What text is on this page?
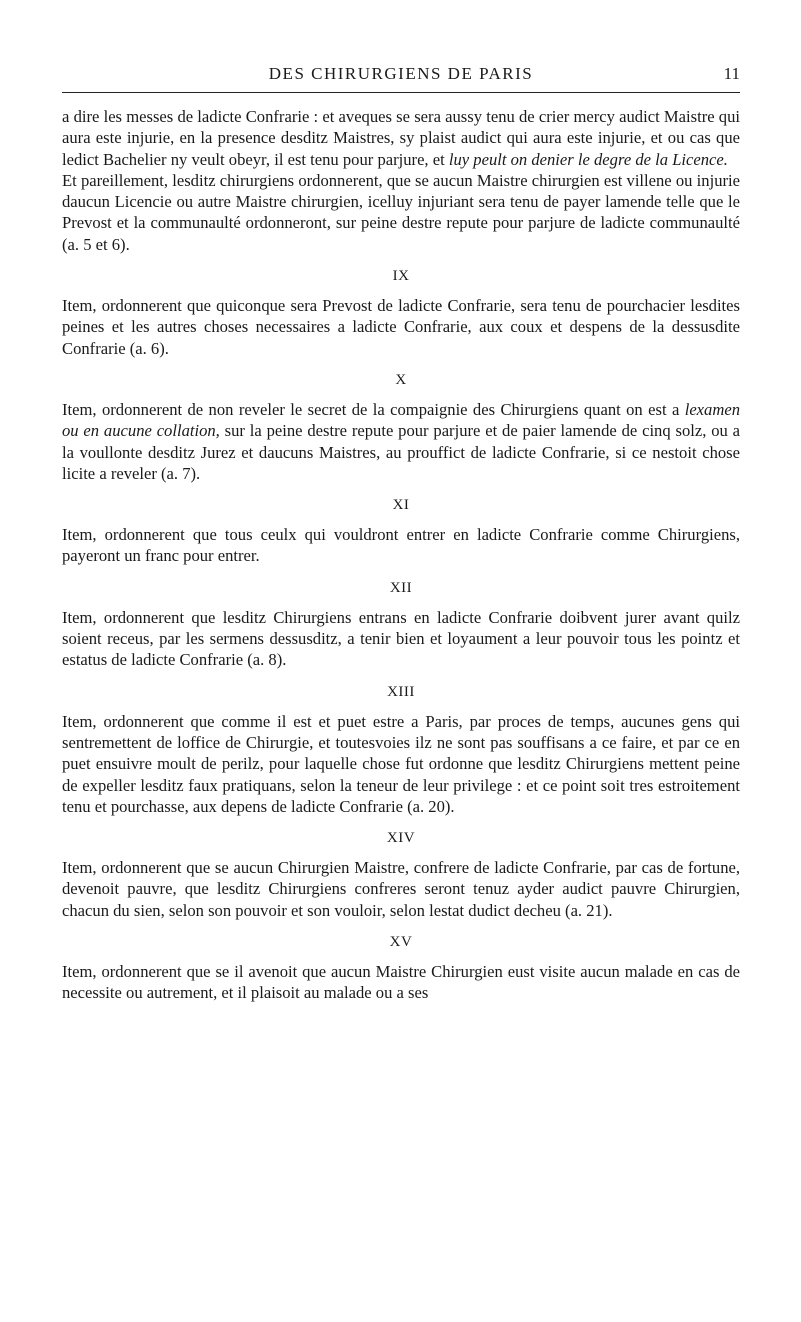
DES CHIRURGIENS DE PARIS	11

a dire les messes de ladicte Confrarie : et aveques se sera aussy tenu de crier mercy audict Maistre qui aura este injurie, en la presence desditz Maistres, sy plaist audict qui aura este injurie, et ou cas que ledict Bachelier ny veult obeyr, il est tenu pour parjure, et luy peult on denier le degre de la Licence.

Et pareillement, lesditz chirurgiens ordonnerent, que se aucun Maistre chirurgien est villene ou injurie daucun Licencie ou autre Maistre chirurgien, icelluy injuriant sera tenu de payer lamende telle que le Prevost et la communaulté ordonneront, sur peine destre repute pour parjure de ladicte communaulté (a. 5 et 6).

IX

Item, ordonnerent que quiconque sera Prevost de ladicte Confrarie, sera tenu de pourchacier lesdites peines et les autres choses necessaires a ladicte Confrarie, aux coux et despens de la dessusdite Confrarie (a. 6).

X

Item, ordonnerent de non reveler le secret de la compaignie des Chirurgiens quant on est a lexamen ou en aucune collation, sur la peine destre repute pour parjure et de paier lamende de cinq solz, ou a la voullonte desditz Jurez et daucuns Maistres, au prouffict de ladicte Confrarie, si ce nestoit chose licite a reveler (a. 7).

XI

Item, ordonnerent que tous ceulx qui vouldront entrer en ladicte Confrarie comme Chirurgiens, payeront un franc pour entrer.

XII

Item, ordonnerent que lesditz Chirurgiens entrans en ladicte Confrarie doibvent jurer avant quilz soient receus, par les sermens dessusditz, a tenir bien et loyaument a leur pouvoir tous les pointz et estatus de ladicte Confrarie (a. 8).

XIII

Item, ordonnerent que comme il est et puet estre a Paris, par proces de temps, aucunes gens qui sentremettent de loffice de Chirurgie, et toutesvoies ilz ne sont pas souffisans a ce faire, et par ce en puet ensuivre moult de perilz, pour laquelle chose fut ordonne que lesditz Chirurgiens mettent peine de expeller lesditz faux pratiquans, selon la teneur de leur privilege : et ce point soit tres estroitement tenu et pourchasse, aux depens de ladicte Confrarie (a. 20).

XIV

Item, ordonnerent que se aucun Chirurgien Maistre, confrere de ladicte Confrarie, par cas de fortune, devenoit pauvre, que lesditz Chirurgiens confreres seront tenuz ayder audict pauvre Chirurgien, chacun du sien, selon son pouvoir et son vouloir, selon lestat dudict decheu (a. 21).

XV

Item, ordonnerent que se il avenoit que aucun Maistre Chirurgien eust visite aucun malade en cas de necessite ou autrement, et il plaisoit au malade ou a ses
